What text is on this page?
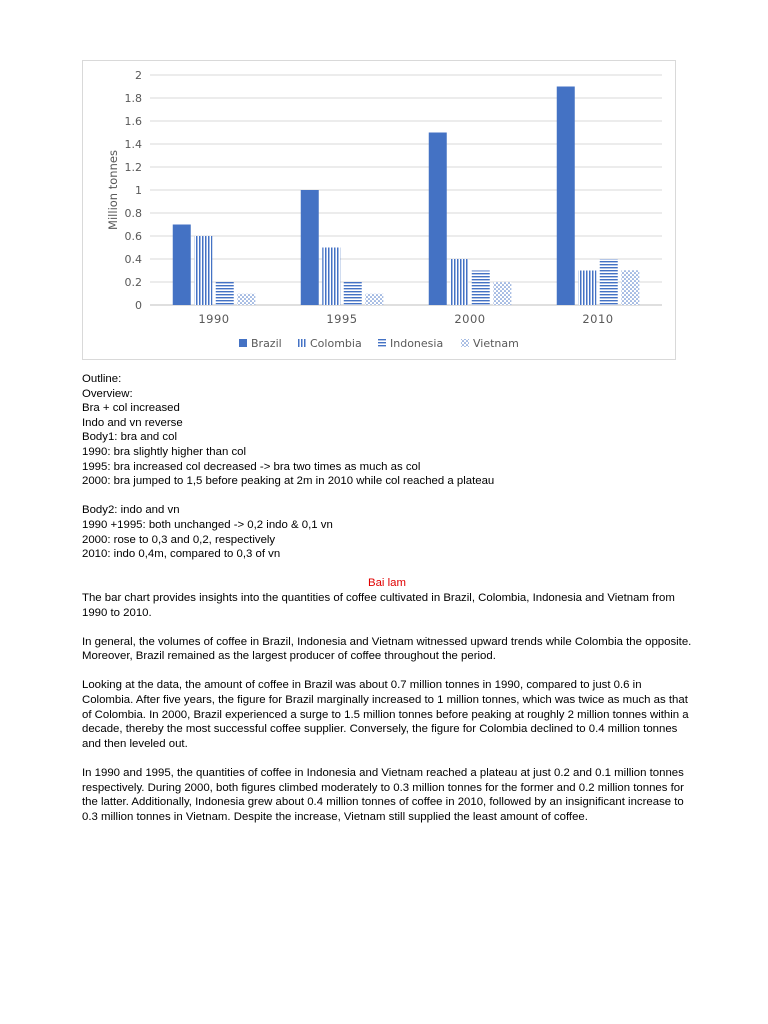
0
0.2
0.4
0.6
0.8
1
1.2
1.4
1.6
1.8
2
1990	1995	2000	2010
Million tonnes
Brazil	Colombia	Indonesia	Vietnam
Outline:
Overview:
Bra + col increased
Indo and vn reverse
Body1: bra and col
1990: bra slightly higher than col
1995: bra increased col decreased -> bra two times as much as col
2000: bra jumped to 1,5 before peaking at 2m in 2010 while col reached a plateau
Body2: indo and vn
1990 +1995: both unchanged -> 0,2 indo & 0,1 vn
2000: rose to 0,3 and 0,2, respectively
2010: indo 0,4m, compared to 0,3 of vn
Bai lam

The bar chart provides insights into the quantities of coffee cultivated in Brazil, Colombia, Indonesia and Vietnam from 1990 to 2010.

In general, the volumes of coffee in Brazil, Indonesia and Vietnam witnessed upward trends while Colombia the opposite. Moreover, Brazil remained as the largest producer of coffee throughout the period.

Looking at the data, the amount of coffee in Brazil was about 0.7 million tonnes in 1990, compared to just 0.6 in Colombia. After five years, the figure for Brazil marginally increased to 1 million tonnes, which was twice as much as that of Colombia. In 2000, Brazil experienced a surge to 1.5 million tonnes before peaking at roughly 2 million tonnes within a decade, thereby the most successful coffee supplier. Conversely, the figure for Colombia declined to 0.4 million tonnes and then leveled out.

In 1990 and 1995, the quantities of coffee in Indonesia and Vietnam reached a plateau at just 0.2 and 0.1 million tonnes respectively. During 2000, both figures climbed moderately to 0.3 million tonnes for the former and 0.2 million tonnes for the latter. Additionally, Indonesia grew about 0.4 million tonnes of coffee in 2010, followed by an insignificant increase to 0.3 million tonnes in Vietnam. Despite the increase, Vietnam still supplied the least amount of coffee.
